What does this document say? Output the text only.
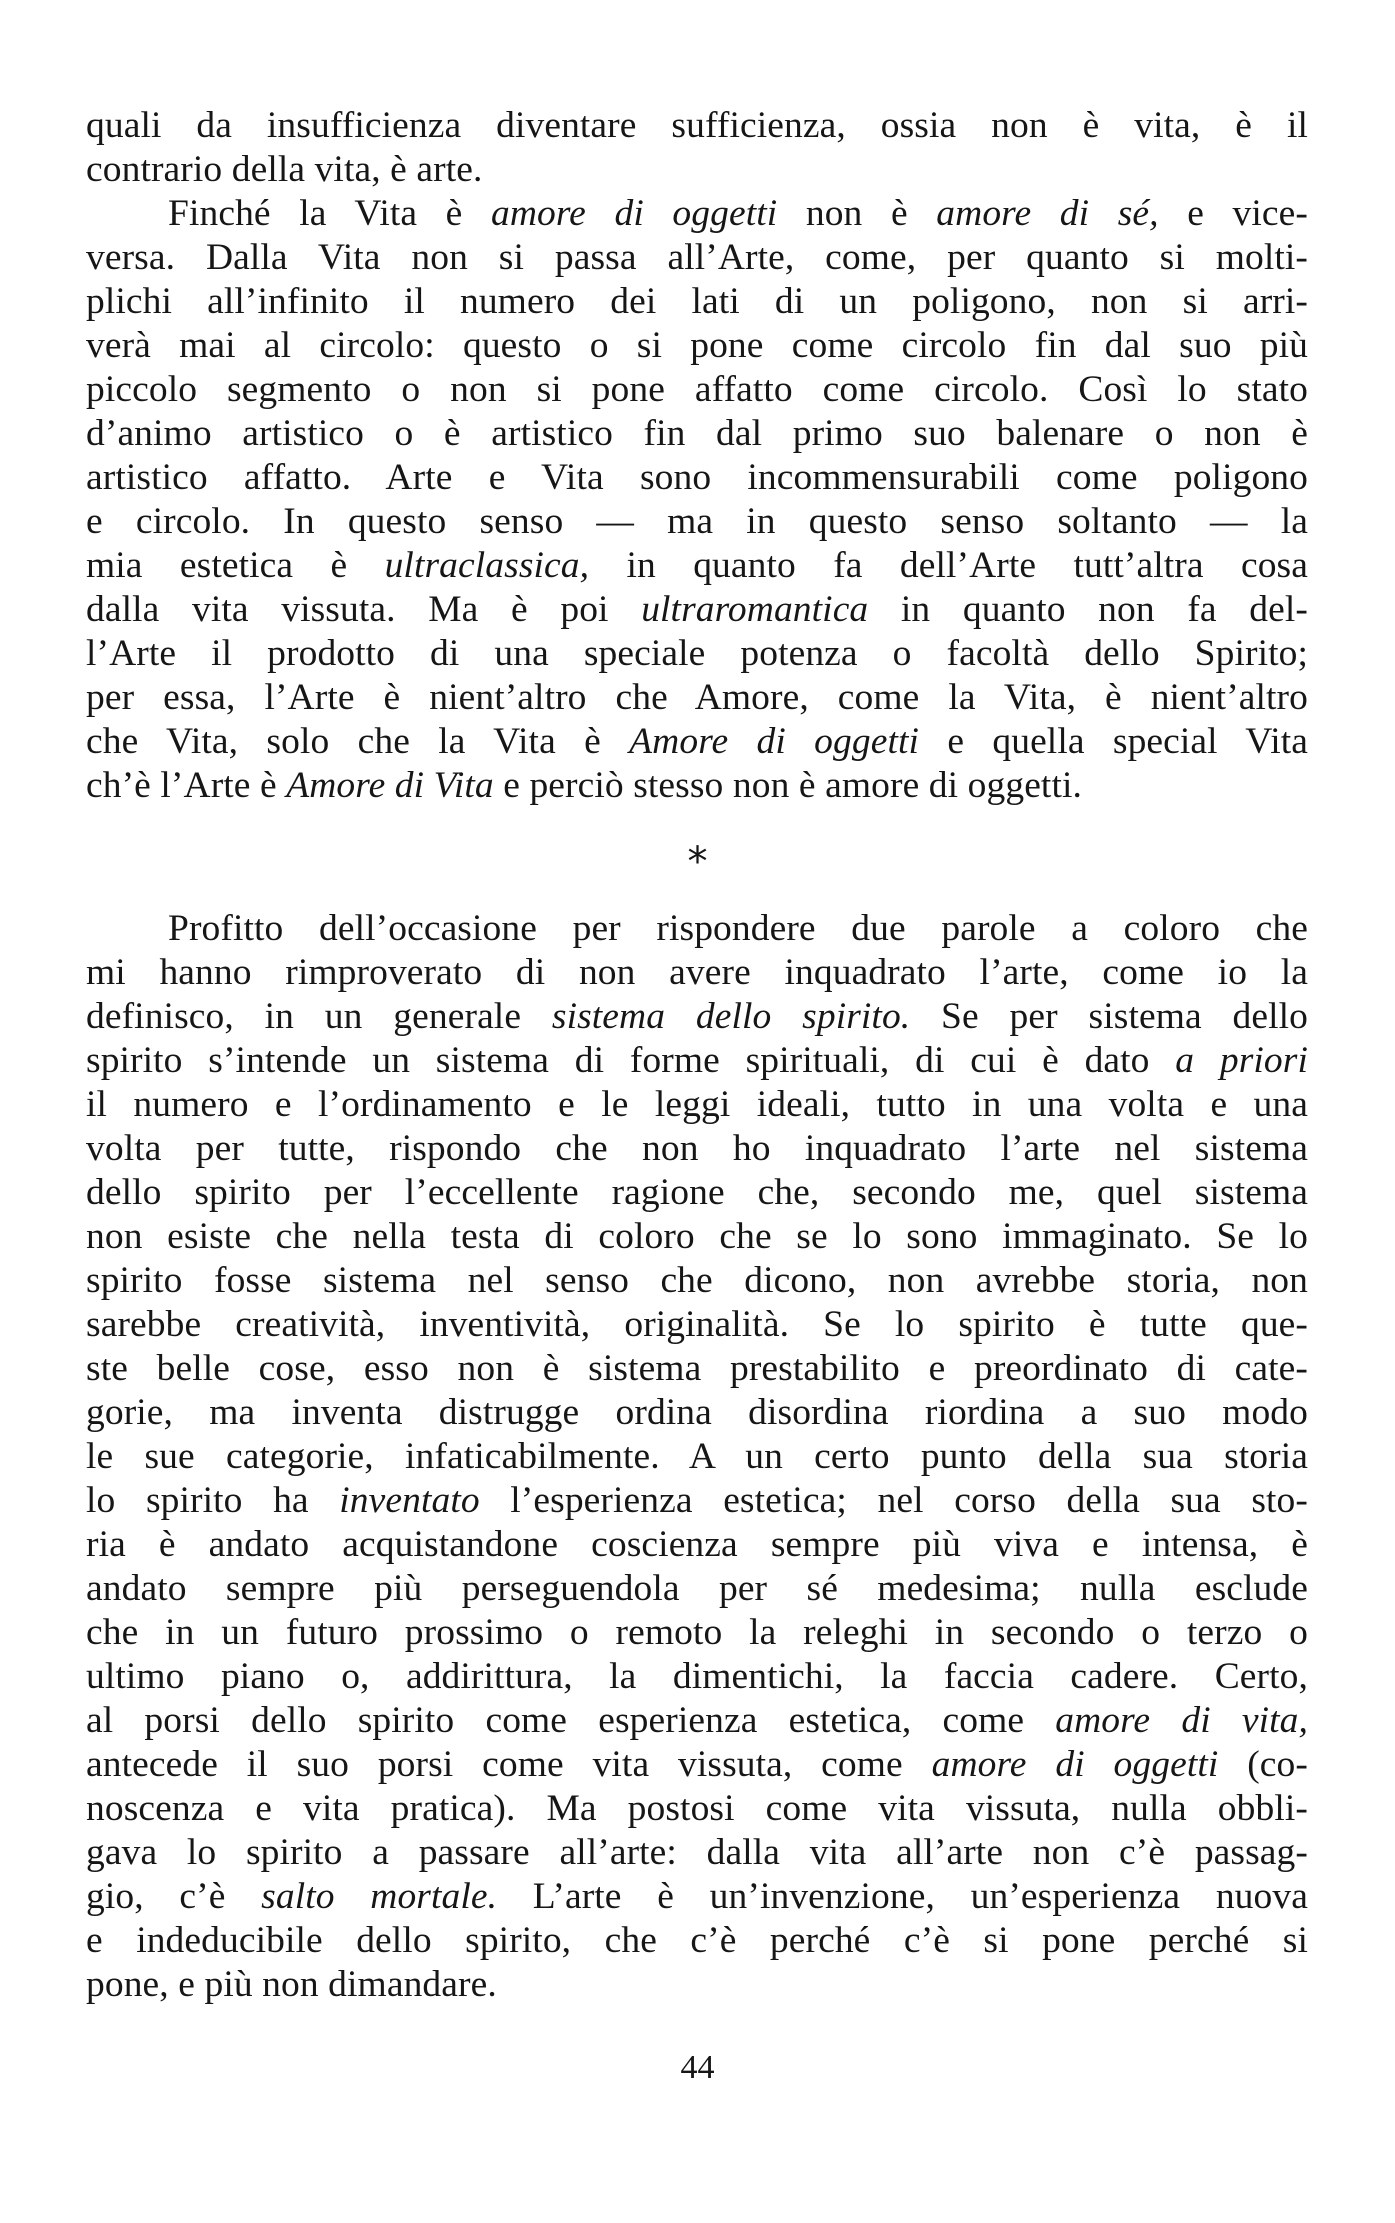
quali da insufficienza diventare sufficienza, ossia non è vita, è il
contrario della vita, è arte.
Finché la Vita è amore di oggetti non è amore di sé, e vice-
versa. Dalla Vita non si passa all’Arte, come, per quanto si molti-
plichi all’infinito il numero dei lati di un poligono, non si arri-
verà mai al circolo: questo o si pone come circolo fin dal suo più
piccolo segmento o non si pone affatto come circolo. Così lo stato
d’animo artistico o è artistico fin dal primo suo balenare o non è
artistico affatto. Arte e Vita sono incommensurabili come poligono
e circolo. In questo senso — ma in questo senso soltanto — la
mia estetica è ultraclassica, in quanto fa dell’Arte tutt’altra cosa
dalla vita vissuta. Ma è poi ultraromantica in quanto non fa del-
l’Arte il prodotto di una speciale potenza o facoltà dello Spirito;
per essa, l’Arte è nient’altro che Amore, come la Vita, è nient’altro
che Vita, solo che la Vita è Amore di oggetti e quella special Vita
ch’è l’Arte è Amore di Vita e perciò stesso non è amore di oggetti.
*
Profitto dell’occasione per rispondere due parole a coloro che
mi hanno rimproverato di non avere inquadrato l’arte, come io la
definisco, in un generale sistema dello spirito. Se per sistema dello
spirito s’intende un sistema di forme spirituali, di cui è dato a priori
il numero e l’ordinamento e le leggi ideali, tutto in una volta e una
volta per tutte, rispondo che non ho inquadrato l’arte nel sistema
dello spirito per l’eccellente ragione che, secondo me, quel sistema
non esiste che nella testa di coloro che se lo sono immaginato. Se lo
spirito fosse sistema nel senso che dicono, non avrebbe storia, non
sarebbe creatività, inventività, originalità. Se lo spirito è tutte que-
ste belle cose, esso non è sistema prestabilito e preordinato di cate-
gorie, ma inventa distrugge ordina disordina riordina a suo modo
le sue categorie, infaticabilmente. A un certo punto della sua storia
lo spirito ha inventato l’esperienza estetica; nel corso della sua sto-
ria è andato acquistandone coscienza sempre più viva e intensa, è
andato sempre più perseguendola per sé medesima; nulla esclude
che in un futuro prossimo o remoto la releghi in secondo o terzo o
ultimo piano o, addirittura, la dimentichi, la faccia cadere. Certo,
al porsi dello spirito come esperienza estetica, come amore di vita,
antecede il suo porsi come vita vissuta, come amore di oggetti (co-
noscenza e vita pratica). Ma postosi come vita vissuta, nulla obbli-
gava lo spirito a passare all’arte: dalla vita all’arte non c’è passag-
gio, c’è salto mortale. L’arte è un’invenzione, un’esperienza nuova
e indeducibile dello spirito, che c’è perché c’è si pone perché si
pone, e più non dimandare.
44
